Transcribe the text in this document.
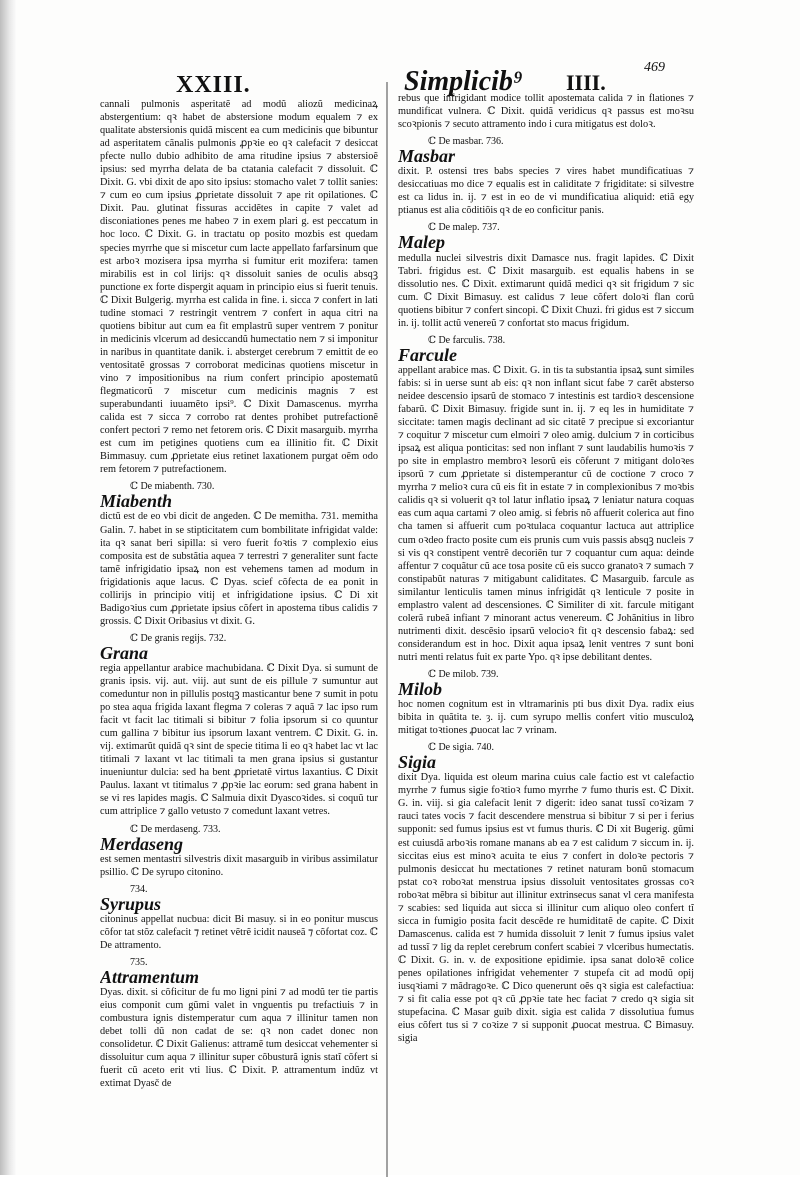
XXIII.	Simplicib⁹ IIII.
469

cannali pulmonis asperitatẽ ad modũ aliozũ medicinaꝝ abstergentium: qꝛ habet de abstersione modum equalem ⁊ ex qualitate abstersionis quidã miscent ea cum medicinis que bibuntur ad asperitatem cãnalis pulmonis ꝓpꝛie eo qꝛ calefacit ⁊ desiccat pfecte nullo dubio adhibito de ama ritudine ipsius ⁊ abstersioẽ ipsius: sed myrrha delata de ba ctatania calefacit ⁊ dissoluit. ℂ Dixit. G. vbi dixit de apo sito ipsius: stomacho valet ⁊ tollit sanies: ⁊ cum eo cum ipsius ꝓprietate dissoluit ⁊ ape rit opilationes. ℂ Dixit. Pau. glutinat fissuras accidẽtes in capite ⁊ valet ad disconiationes penes me habeo ⁊ in exem plari g. est peccatum in hoc loco. ℂ Dixit. G. in tractatu op posito mozbis est quedam species myrrhe que si miscetur cum lacte appellato farfarsinum que est arboꝛ mozisera ipsa myrrha si fumitur erit mozifera: tamen mirabilis est in col lirijs: qꝛ dissoluit sanies de oculis absqꝫ punctione ex forte dispergit aquam in principio eius si fuerit tenuis. ℂ Dixit Bulgerig. myrrha est calida in fine. i. sicca ⁊ confert in lati tudine stomaci ⁊ restringit ventrem ⁊ confert in aqua citri na quotiens bibitur aut cum ea fit emplastrũ super ventrem ⁊ ponitur in medicinis vlcerum ad desiccandũ humectatio nem ⁊ si imponitur in naribus in quantitate danik. i. absterget cerebrum ⁊ emittit de eo ventositatẽ grossas ⁊ corroborat medicinas quotiens miscetur in vino ⁊ impositionibus na rium confert principio apostematũ flegmaticorũ ⁊ miscetur cum medicinis magnis ⁊ est superabundanti iuuamẽto ipsi⁹. ℂ Dixit Damascenus. myrrha calida est ⁊ sicca ⁊ corrobo rat dentes prohibet putrefactionẽ confert pectori ⁊ remo net fetorem oris. ℂ Dixit masarguib. myrrha est cum im petigines quotiens cum ea illinitio fit. ℂ Dixit Bimmasuy. cum ꝓprietate eius retinet laxationem purgat oẽm odo rem fetorem ⁊ putrefactionem.

ℂ De miabenth. 730.

Miabenth
dictũ est de eo vbi dicit de angeden. ℂ De memitha. 731. memitha Galin. 7. habet in se stipticitatem cum bombilitate infrigidat valde: ita qꝛ sanat beri sipilla: si vero fuerit foꝛtis ⁊ complexio eius composita est de substãtia aquea ⁊ terrestri ⁊ generaliter sunt facte tamẽ infrigidatio ipsaꝝ non est vehemens tamen ad modum in frigidationis aque lacus. ℂ Dyas. scief cõfecta de ea ponit in collirijs in principio vitij et infrigidatione ipsius. ℂ Di xit Badigoꝛius cum ꝓprietate ipsius cõfert in apostema tibus calidis ⁊ grossis. ℂ Dixit Oribasius vt dixit. G.

ℂ De granis regijs. 732.

Grana
regia appellantur arabice machubidana. ℂ Dixit Dya. si sumunt de granis ipsis. vij. aut. viij. aut sunt de eis pillule ⁊ sumuntur aut comeduntur non in pillulis postqꝫ masticantur bene ⁊ sumit in potu po stea aqua frigida laxant flegma ⁊ coleras ⁊ aquã ⁊ lac ipso rum facit vt facit lac titimali si bibitur ⁊ folia ipsorum si co quuntur cum gallina ⁊ bibitur ius ipsorum laxant ventrem. ℂ Dixit. G. in. vij. extimarũt quidã qꝛ sint de specie titima li eo qꝛ habet lac vt lac titimali ⁊ laxant vt lac titimali ta men grana ipsius si gustantur inueniuntur dulcia: sed ha bent ꝓprietatẽ virtus laxantius. ℂ Dixit Paulus. laxant vt titimalus ⁊ ꝓpꝛie lac eorum: sed grana habent in se vi res lapides magis. ℂ Salmuia dixit Dyascoꝛides. si coquũ tur cum attriplice ⁊ gallo vetusto ⁊ comedunt laxant vetres.

ℂ De merdaseng. 733.

Merdaseng
est semen mentastri silvestris dixit masarguib in viribus assimilatur psillio. ℂ De syrupo citonino.

734.

Syrupus
citoninus appellat nucbua: dicit Bi masuy. si in eo ponitur muscus cõfor tat stõz calefacit ⁊ retinet vẽtrẽ icidit nauseã ⁊ cõfortat coz. ℂ De attramento.

735.

Attramentum
Dyas. dixit. si cõficitur de fu mo ligni pini ⁊ ad modũ ter tie partis eius componit cum gũmi valet in vnguentis pu trefactiuis ⁊ in combustura ignis distemperatur cum aqua ⁊ illinitur tamen non debet tolli dũ non cadat de se: qꝛ non cadet donec non consolidetur. ℂ Dixit Galienus: attramẽ tum desiccat vehementer si dissoluitur cum aqua ⁊ illinitur super cõbusturã ignis statĩ cõfert si fuerit cũ aceto erit vti lius. ℂ Dixit. P. attramentum indũz vt extimat Dyasč de

rebus que infrigidant modice tollit apostemata calida ⁊ in flationes ⁊ mundificat vulnera. ℂ Dixit. quidã veridicus qꝛ passus est moꝛsu scoꝛpionis ⁊ secuto attramento indo i cura mitigatus est doloꝛ.

ℂ De masbar. 736.

Masbar
dixit. P. ostensi tres babs species ⁊ vires habet mundificatiuas ⁊ desiccatiuas mo dice ⁊ equalis est in caliditate ⁊ frigiditate: si silvestre est ca lidus in. ij. ⁊ est in eo de vi mundificatiua aliquid: etiã egy ptianus est alia cõditiõis qꝛ de eo conficitur panis.

ℂ De malep. 737.

Malep
medulla nuclei silvestris dixit Damasce nus. fragit lapides. ℂ Dixit Tabri. frigidus est. ℂ Dixit masarguib. est equalis habens in se dissolutio nes. ℂ Dixit. extimarunt quidã medici qꝛ sit frigidum ⁊ sic cum. ℂ Dixit Bimasuy. est calidus ⁊ leue cõfert doloꝛi flan corũ quotiens bibitur ⁊ confert sincopi. ℂ Dixit Chuzi. fri gidus est ⁊ siccum in. ij. tollit actũ venereũ ⁊ confortat sto macus frigidum.

ℂ De farculis. 738.

Farcule
appellant arabice mas. ℂ Dixit. G. in tis ta substantia ipsaꝝ sunt similes fabis: si in uerse sunt ab eis: qꝛ non inflant sicut fabe ⁊ carẽt absterso neidee descensio ipsarũ de stomaco ⁊ intestinis est tardioꝛ descensione fabarũ. ℂ Dixit Bimasuy. frigide sunt in. ij. ⁊ eq les in humiditate ⁊ siccitate: tamen magis declinant ad sic citatẽ ⁊ precipue si excoriantur ⁊ coquitur ⁊ miscetur cum elmoiri ⁊ oleo amig. dulcium ⁊ in corticibus ipsaꝝ est aliqua ponticitas: sed non inflant ⁊ sunt laudabilis humoꝛis ⁊ po site in emplastro membroꝛ lesorũ eis cõferunt ⁊ mitigant doloꝛes ipsorũ ⁊ cum ꝓprietate si distemperantur cũ de coctione ⁊ croco ⁊ myrrha ⁊ melioꝛ cura cũ eis fit in estate ⁊ in complexionibus ⁊ moꝛbis calidis qꝛ si voluerit qꝛ tol latur inflatio ipsaꝝ ⁊ leniatur natura coquas eas cum aqua cartami ⁊ oleo amig. si febris nõ affuerit colerica aut fino cha tamen si affuerit cum poꝛtulaca coquantur lactuca aut attriplice cum oꝛdeo fracto posite cum eis prunis cum vuis passis absqꝫ nucleis ⁊ si vis qꝛ constipent ventrẽ decoriẽn tur ⁊ coquantur cum aqua: deinde affentur ⁊ coquãtur cũ ace tosa posite cũ eis succo granatoꝛ ⁊ sumach ⁊ constipabũt naturas ⁊ mitigabunt caliditates. ℂ Masarguib. farcule as similantur lenticulis tamen minus infrigidãt qꝛ lenticule ⁊ posite in emplastro valent ad descensiones. ℂ Similiter di xit. farcule mitigant colerã rubeã infiant ⁊ minorant actus venereum. ℂ Johãnitius in libro nutrimenti dixit. descẽsio ipsarũ velocioꝛ fit qꝛ descensio fabaꝝ: sed considerandum est in hoc. Dixit aqua ipsaꝝ lenit ventres ⁊ sunt boni nutri menti relatus fuit ex parte Ypo. qꝛ ipse debilitant dentes.

ℂ De milob. 739.

Milob
hoc nomen cognitum est in vltramarinis pti bus dixit Dya. radix eius bibita in quãtita te. ȝ. ij. cum syrupo mellis confert vitio musculoꝝ mitigat toꝛtiones ꝓuocat lac ⁊ vrinam.

ℂ De sigia. 740.

Sigia
dixit Dya. liquida est oleum marina cuius cale factio est vt calefactio myrrhe ⁊ fumus sigie foꝛtioꝛ fumo myrrhe ⁊ fumo thuris est. ℂ Dixit. G. in. viij. si gia calefacit lenit ⁊ digerit: ideo sanat tussĩ coꝛizam ⁊ rauci tates vocis ⁊ facit descendere menstrua si bibitur ⁊ si per i ferius supponit: sed fumus ipsius est vt fumus thuris. ℂ Di xit Bugerig. gũmi est cuiusdã arboꝛis romane manans ab ea ⁊ est calidum ⁊ siccum in. ij. siccitas eius est minoꝛ acuita te eius ⁊ confert in doloꝛe pectoris ⁊ pulmonis desiccat hu mectationes ⁊ retinet naturam bonũ stomacum pstat coꝛ roboꝛat menstrua ipsius dissoluit ventositates grossas coꝛ roboꝛat mẽbra si bibitur aut illinitur extrinsecus sanat vl cera manifesta ⁊ scabies: sed liquida aut sicca si illinitur cum aliquo oleo confert tĩ sicca in fumigio posita facit descẽde re humiditatẽ de capite. ℂ Dixit Damascenus. calida est ⁊ humida dissoluit ⁊ lenit ⁊ fumus ipsius valet ad tussĩ ⁊ lig da replet cerebrum confert scabiei ⁊ vlceribus humectatis. ℂ Dixit. G. in. v. de expositione epidimie. ipsa sanat doloꝛẽ colice penes opilationes infrigidat vehementer ⁊ stupefa cit ad modũ opij iusqꝛiami ⁊ mãdragoꝛe. ℂ Dico quenerunt oẽs qꝛ sigia est calefactiua: ⁊ si fit calia esse pot qꝛ cũ ꝓpꝛie tate hec faciat ⁊ credo qꝛ sigia sit stupefacina. ℂ Masar guib dixit. sigia est calida ⁊ dissolutiua fumus eius cõfert tus si ⁊ coꝛize ⁊ si supponit ꝓuocat mestrua. ℂ Bimasuy. sigia
